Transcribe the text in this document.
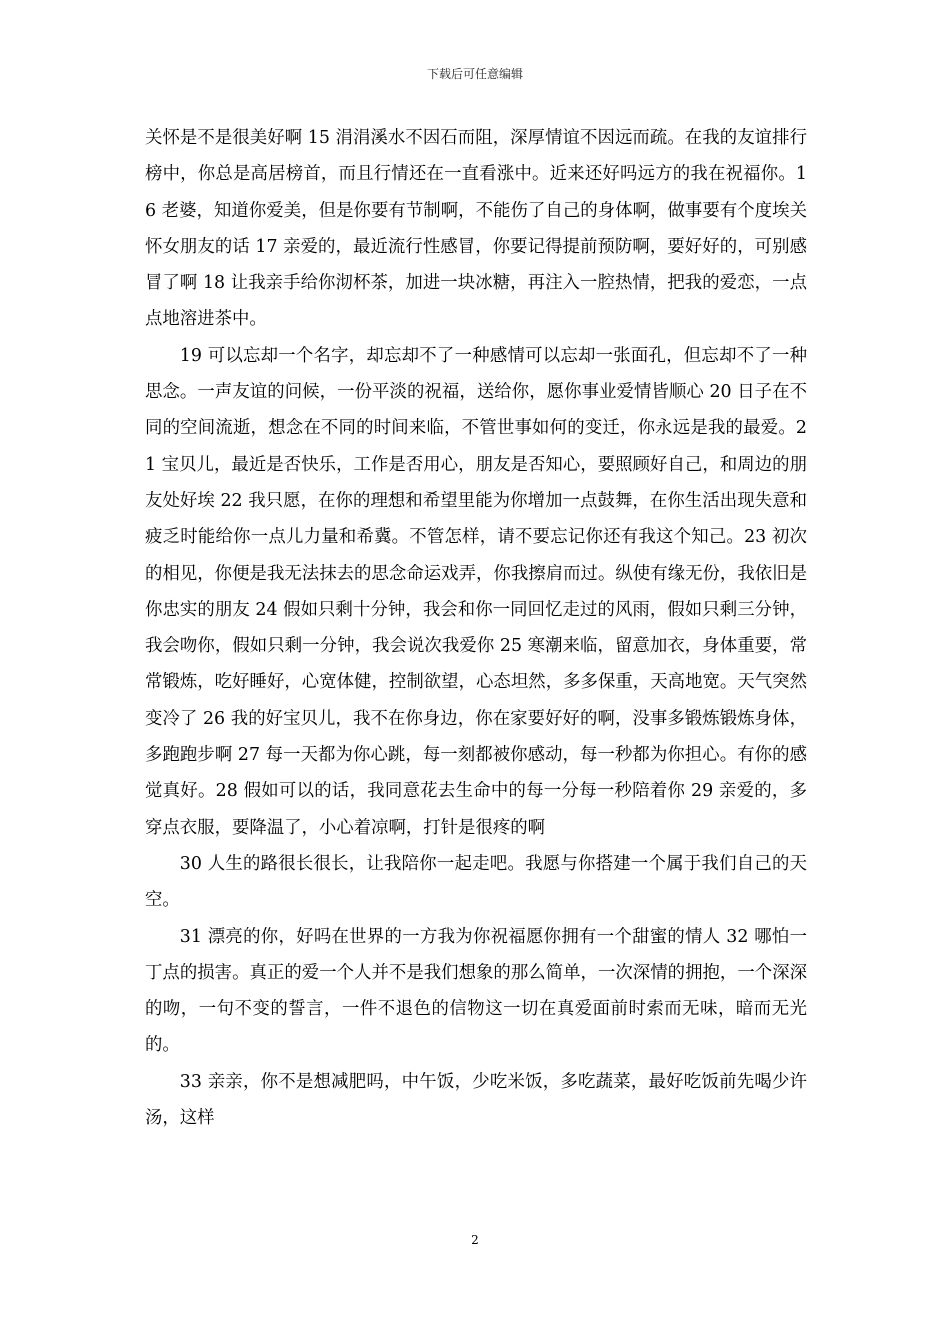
下载后可任意编辑

关怀是不是很美好啊 15 涓涓溪水不因石而阻，深厚情谊不因远而疏。在我的友谊排行榜中，你总是高居榜首，而且行情还在一直看涨中。近来还好吗远方的我在祝福你。16 老婆，知道你爱美，但是你要有节制啊，不能伤了自己的身体啊，做事要有个度埃关怀女朋友的话 17 亲爱的，最近流行性感冒，你要记得提前预防啊，要好好的，可别感冒了啊 18 让我亲手给你沏杯茶，加进一块冰糖，再注入一腔热情，把我的爱恋，一点点地溶进茶中。

19 可以忘却一个名字，却忘却不了一种感情可以忘却一张面孔，但忘却不了一种思念。一声友谊的问候，一份平淡的祝福，送给你，愿你事业爱情皆顺心 20 日子在不同的空间流逝，想念在不同的时间来临，不管世事如何的变迁，你永远是我的最爱。21 宝贝儿，最近是否快乐，工作是否用心，朋友是否知心，要照顾好自己，和周边的朋友处好埃 22 我只愿，在你的理想和希望里能为你增加一点鼓舞，在你生活出现失意和疲乏时能给你一点儿力量和希冀。不管怎样，请不要忘记你还有我这个知己。23 初次的相见，你便是我无法抹去的思念命运戏弄，你我擦肩而过。纵使有缘无份，我依旧是你忠实的朋友 24 假如只剩十分钟，我会和你一同回忆走过的风雨，假如只剩三分钟，我会吻你，假如只剩一分钟，我会说次我爱你 25 寒潮来临，留意加衣，身体重要，常常锻炼，吃好睡好，心宽体健，控制欲望，心态坦然，多多保重，天高地宽。天气突然变冷了 26 我的好宝贝儿，我不在你身边，你在家要好好的啊，没事多锻炼锻炼身体，多跑跑步啊 27 每一天都为你心跳，每一刻都被你感动，每一秒都为你担心。有你的感觉真好。28 假如可以的话，我同意花去生命中的每一分每一秒陪着你 29 亲爱的，多穿点衣服，要降温了，小心着凉啊，打针是很疼的啊

30 人生的路很长很长，让我陪你一起走吧。我愿与你搭建一个属于我们自己的天空。

31 漂亮的你，好吗在世界的一方我为你祝福愿你拥有一个甜蜜的情人 32 哪怕一丁点的损害。真正的爱一个人并不是我们想象的那么简单，一次深情的拥抱，一个深深的吻，一句不变的誓言，一件不退色的信物这一切在真爱面前时索而无味，暗而无光的。

33 亲亲，你不是想减肥吗，中午饭，少吃米饭，多吃蔬菜，最好吃饭前先喝少许汤，这样

2
